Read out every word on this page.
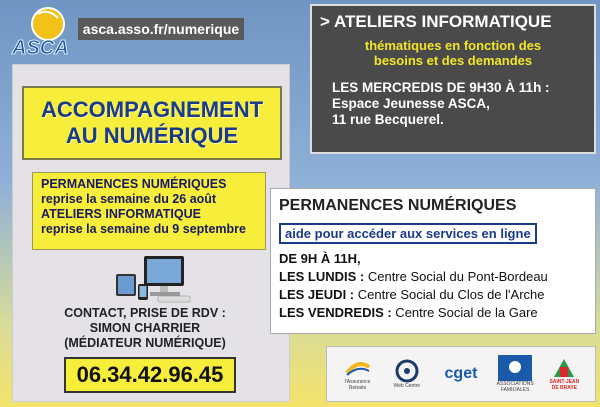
ASCA
asca.asso.fr/numerique	> ATELIERS INFORMATIQUE
thématiques en fonction des
besoins et des demandes
LES MERCREDIS DE 9H30 À 11h :
Espace Jeunesse ASCA,
11 rue Becquerel.
ACCOMPAGNEMENT
AU NUMÉRIQUE
PERMANENCES NUMÉRIQUES
reprise la semaine du 26 août
ATELIERS INFORMATIQUE
reprise la semaine du 9 septembre
CONTACT, PRISE DE RDV :
SIMON CHARRIER
(MÉDIATEUR NUMÉRIQUE)
06.34.42.96.45
PERMANENCES NUMÉRIQUES
aide pour accéder aux services en ligne
DE 9H À 11H,
LES LUNDIS : Centre Social du Pont-Bordeau
LES JEUDI : Centre Social du Clos de l'Arche
LES VENDREDIS : Centre Social de la Gare
l'Assurance Retraite	Web Centre
cget
ASSOCIATIONS FAMILIALES
SAINT-JEAN DE BRAYE
